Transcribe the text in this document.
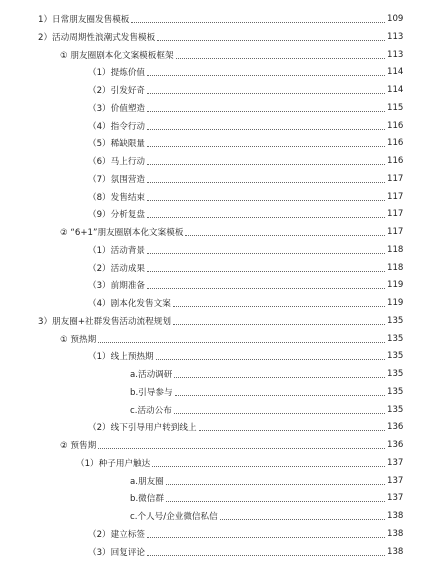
1）日常朋友圈发售模板	109
2）活动周期性浪潮式发售模板	113
① 朋友圈剧本化文案模板框架	113
（1）提炼价值	114
（2）引发好奇	114
（3）价值塑造	115
（4）指令行动	116
（5）稀缺限量	116
（6）马上行动	116
（7）氛围营造	117
（8）发售结束	117
（9）分析复盘	117
② “6+1”朋友圈剧本化文案模板	117
（1）活动背景	118
（2）活动成果	118
（3）前期准备	119
（4）剧本化发售文案	119
3）朋友圈+社群发售活动流程规划	135
① 预热期	135
（1）线上预热期	135
a.活动调研	135
b.引导参与	135
c.活动公布	135
（2）线下引导用户转到线上	136
② 预售期	136
（1）种子用户触达	137
a.朋友圈	137
b.微信群	137
c.个人号/企业微信私信	138
（2）建立标签	138
（3）回复评论	138
